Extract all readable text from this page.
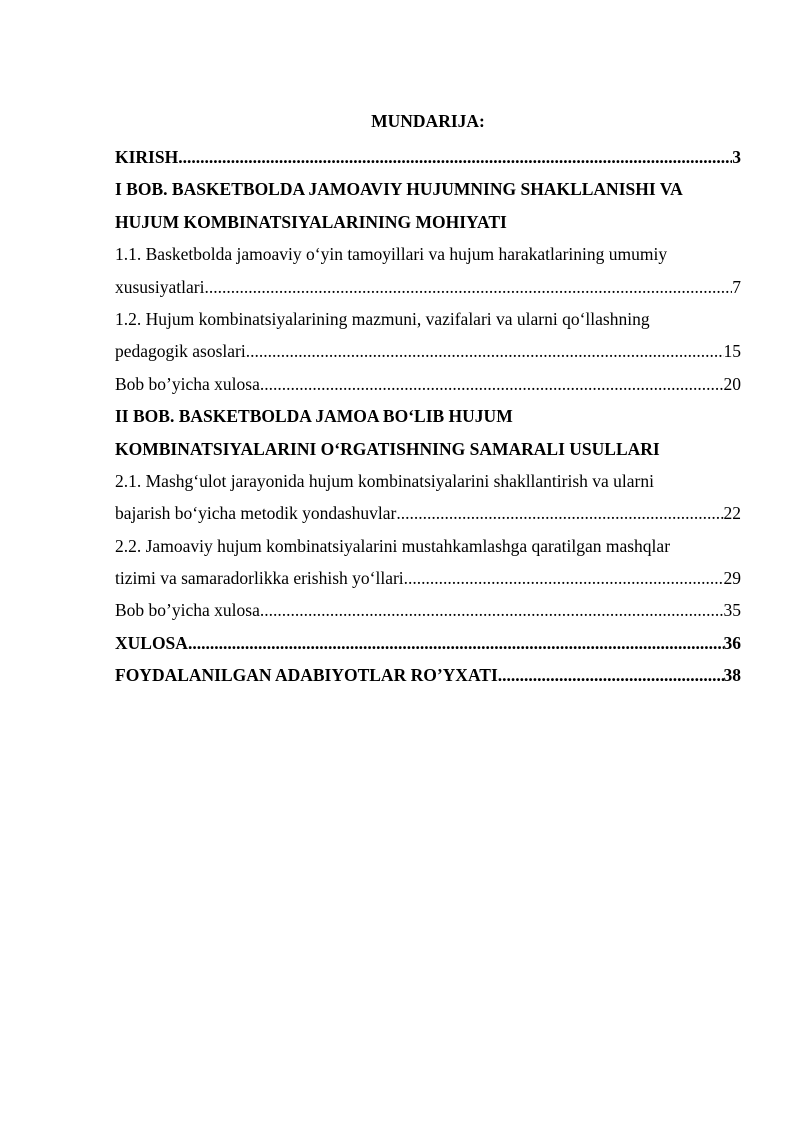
MUNDARIJA:
KIRISH .....	3
I BOB. BASKETBOLDA JAMOAVIY HUJUMNING SHAKLLANISHI VA
HUJUM KOMBINATSIYALARINING MOHIYATI
1.1. Basketbolda jamoaviy o‘yin tamoyillari va hujum harakatlarining umumiy
xususiyatlari .....	7
1.2. Hujum kombinatsiyalarining mazmuni, vazifalari va ularni qo‘llashning
pedagogik asoslari .....	15
Bob bo’yicha xulosa .....	20
II BOB. BASKETBOLDA JAMOA BO‘LIB HUJUM
KOMBINATSIYALARINI O‘RGATISHNING SAMARALI USULLARI
2.1. Mashg‘ulot jarayonida hujum kombinatsiyalarini shakllantirish va ularni
bajarish bo‘yicha metodik yondashuvlar .....	22
2.2. Jamoaviy hujum kombinatsiyalarini mustahkamlashga qaratilgan mashqlar
tizimi va samaradorlikka erishish yo‘llari .....	29
Bob bo’yicha xulosa .....	35
XULOSA .....	36
FOYDALANILGAN ADABIYOTLAR RO’YXATI .....	38
